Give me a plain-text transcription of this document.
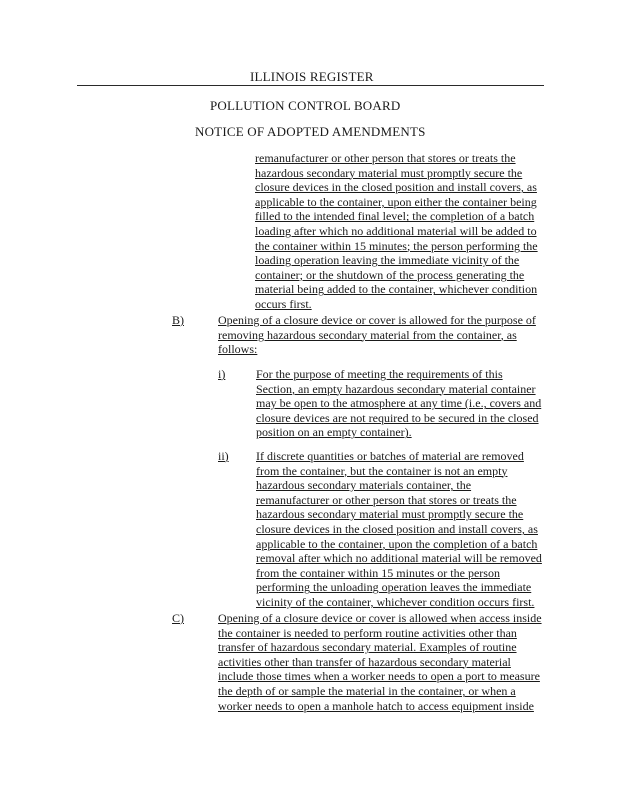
ILLINOIS REGISTER
POLLUTION CONTROL BOARD
NOTICE OF ADOPTED AMENDMENTS
remanufacturer or other person that stores or treats the
hazardous secondary material must promptly secure the
closure devices in the closed position and install covers, as
applicable to the container, upon either the container being
filled to the intended final level; the completion of a batch
loading after which no additional material will be added to
the container within 15 minutes; the person performing the
loading operation leaving the immediate vicinity of the
container; or the shutdown of the process generating the
material being added to the container, whichever condition
occurs first.
B)	Opening of a closure device or cover is allowed for the purpose of
removing hazardous secondary material from the container, as
follows:
i)	For the purpose of meeting the requirements of this
Section, an empty hazardous secondary material container
may be open to the atmosphere at any time (i.e., covers and
closure devices are not required to be secured in the closed
position on an empty container).
ii) If discrete quantities or batches of material are removed
from the container, but the container is not an empty
hazardous secondary materials container, the
remanufacturer or other person that stores or treats the
hazardous secondary material must promptly secure the
closure devices in the closed position and install covers, as
applicable to the container, upon the completion of a batch
removal after which no additional material will be removed
from the container within 15 minutes or the person
performing the unloading operation leaves the immediate
vicinity of the container, whichever condition occurs first.
C)	Opening of a closure device or cover is allowed when access inside
the container is needed to perform routine activities other than
transfer of hazardous secondary material. Examples of routine
activities other than transfer of hazardous secondary material
include those times when a worker needs to open a port to measure
the depth of or sample the material in the container, or when a
worker needs to open a manhole hatch to access equipment inside
